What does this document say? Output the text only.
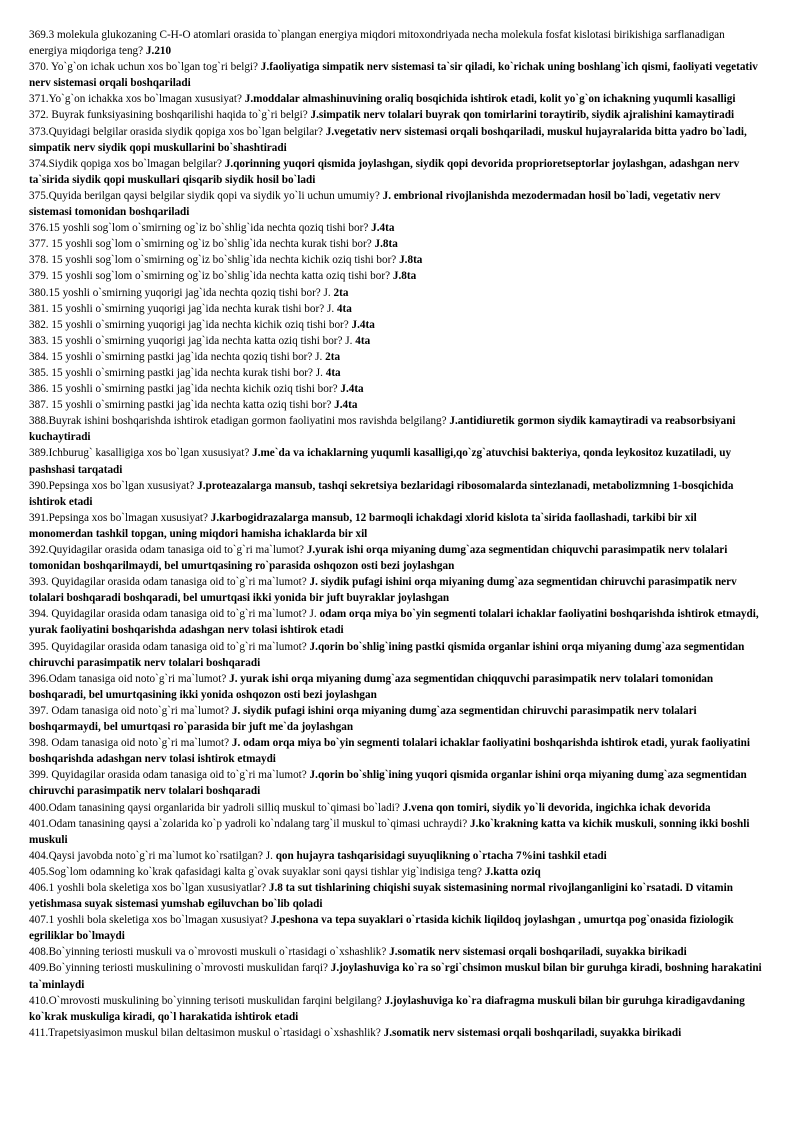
369.3 molekula glukozaning C-H-O atomlari orasida to`plangan energiya miqdori mitoxondriyada necha molekula fosfat kislotasi birikishiga sarflanadigan energiya miqdoriga teng? J.210

370. Yo`g`on ichak uchun xos bo`lgan tog`ri belgi? J.faoliyatiga simpatik nerv sistemasi ta`sir qiladi, ko`richak uning boshlang`ich qismi, faoliyati vegetativ nerv sistemasi orqali boshqariladi

371.Yo`g`on ichakka xos bo`lmagan xususiyat? J.moddalar almashinuvining oraliq bosqichida ishtirok etadi, kolit yo`g`on ichakning yuqumli kasalligi

372. Buyrak funksiyasining boshqarilishi haqida to`g`ri belgi? J.simpatik nerv tolalari buyrak qon tomirlarini toraytirib, siydik ajralishini kamaytiradi

373.Quyidagi belgilar orasida siydik qopiga xos bo`lgan belgilar? J.vegetativ nerv sistemasi orqali boshqariladi, muskul hujayralarida bitta yadro bo`ladi, simpatik nerv siydik qopi muskullarini bo`shashtiradi

374.Siydik qopiga xos bo`lmagan belgilar? J.qorinning yuqori qismida joylashgan, siydik qopi devorida proprioretseptorlar joylashgan, adashgan nerv ta`sirida siydik qopi muskullari qisqarib siydik hosil bo`ladi

375.Quyida berilgan qaysi belgilar siydik qopi va siydik yo`li uchun umumiy? J. embrional rivojlanishda mezodermadan hosil bo`ladi, vegetativ nerv sistemasi tomonidan boshqariladi

376.15 yoshli sog`lom o`smirning og`iz bo`shlig`ida nechta qoziq tishi bor? J.4ta

377. 15 yoshli sog`lom o`smirning og`iz bo`shlig`ida nechta kurak tishi bor? J.8ta

378. 15 yoshli sog`lom o`smirning og`iz bo`shlig`ida nechta kichik oziq tishi bor? J.8ta

379. 15 yoshli sog`lom o`smirning og`iz bo`shlig`ida nechta katta oziq tishi bor? J.8ta

380.15 yoshli o`smirning yuqorigi jag`ida nechta qoziq tishi bor? J. 2ta

381. 15 yoshli o`smirning yuqorigi jag`ida nechta kurak tishi bor? J. 4ta

382. 15 yoshli o`smirning yuqorigi jag`ida nechta kichik oziq tishi bor? J.4ta

383. 15 yoshli o`smirning yuqorigi jag`ida nechta katta oziq tishi bor? J. 4ta

384. 15 yoshli o`smirning pastki jag`ida nechta qoziq tishi bor? J. 2ta

385. 15 yoshli o`smirning pastki jag`ida nechta kurak tishi bor? J. 4ta

386. 15 yoshli o`smirning pastki jag`ida nechta kichik oziq tishi bor? J.4ta

387. 15 yoshli o`smirning pastki jag`ida nechta katta oziq tishi bor? J.4ta

388.Buyrak ishini boshqarishda ishtirok etadigan gormon faoliyatini mos ravishda belgilang? J.antidiuretik gormon siydik kamaytiradi va reabsorbsiyani kuchaytiradi

389.Ichburug` kasalligiga xos bo`lgan xususiyat? J.me`da va ichaklarning yuqumli kasalligi,qo`zg`atuvchisi bakteriya, qonda leykositoz kuzatiladi, uy pashshasi tarqatadi

390.Pepsinga xos bo`lgan xususiyat? J.proteazalarga mansub, tashqi sekretsiya bezlaridagi ribosomalarda sintezlanadi, metabolizmning 1-bosqichida ishtirok etadi

391.Pepsinga xos bo`lmagan xususiyat? J.karbogidrazalarga mansub, 12 barmoqli ichakdagi xlorid kislota ta`sirida faollashadi, tarkibi bir xil monomerdan tashkil topgan, uning miqdori hamisha ichaklarda bir xil

392.Quyidagilar orasida odam tanasiga oid to`g`ri ma`lumot? J.yurak ishi orqa miyaning dumg`aza segmentidan chiquvchi parasimpatik nerv tolalari tomonidan boshqarilmaydi, bel umurtqasining ro`parasida oshqozon osti bezi joylashgan

393. Quyidagilar orasida odam tanasiga oid to`g`ri ma`lumot? J. siydik pufagi ishini orqa miyaning dumg`aza segmentidan chiruvchi parasimpatik nerv tolalari boshqaradi boshqaradi, bel umurtqasi ikki yonida bir juft buyraklar joylashgan

394. Quyidagilar orasida odam tanasiga oid to`g`ri ma`lumot? J. odam orqa miya bo`yin segmenti tolalari ichaklar faoliyatini boshqarishda ishtirok etmaydi, yurak faoliyatini boshqarishda adashgan nerv tolasi ishtirok etadi

395. Quyidagilar orasida odam tanasiga oid to`g`ri ma`lumot? J.qorin bo`shlig`ining pastki qismida organlar ishini orqa miyaning dumg`aza segmentidan chiruvchi parasimpatik nerv tolalari boshqaradi

396.Odam tanasiga oid noto`g`ri ma`lumot? J. yurak ishi orqa miyaning dumg`aza segmentidan chiqquvchi parasimpatik nerv tolalari tomonidan boshqaradi, bel umurtqasining ikki yonida oshqozon osti bezi joylashgan

397. Odam tanasiga oid noto`g`ri ma`lumot? J. siydik pufagi ishini orqa miyaning dumg`aza segmentidan chiruvchi parasimpatik nerv tolalari boshqarmaydi, bel umurtqasi ro`parasida bir juft me`da joylashgan

398. Odam tanasiga oid noto`g`ri ma`lumot? J. odam orqa miya bo`yin segmenti tolalari ichaklar faoliyatini boshqarishda ishtirok etadi, yurak faoliyatini boshqarishda adashgan nerv tolasi ishtirok etmaydi

399. Quyidagilar orasida odam tanasiga oid to`g`ri ma`lumot? J.qorin bo`shlig`ining yuqori qismida organlar ishini orqa miyaning dumg`aza segmentidan chiruvchi parasimpatik nerv tolalari boshqaradi

400.Odam tanasining qaysi organlarida bir yadroli silliq muskul to`qimasi bo`ladi? J.vena qon tomiri, siydik yo`li devorida, ingichka ichak devorida

401.Odam tanasining qaysi a`zolarida ko`p yadroli ko`ndalang targ`il muskul to`qimasi uchraydi? J.ko`krakning katta va kichik muskuli, sonning ikki boshli muskuli

404.Qaysi javobda noto`g`ri ma`lumot ko`rsatilgan? J. qon hujayra tashqarisidagi suyuqlikning o`rtacha 7%ini tashkil etadi

405.Sog`lom odamning ko`krak qafasidagi kalta g`ovak suyaklar soni qaysi tishlar yig`indisiga teng? J.katta oziq

406.1 yoshli bola skeletiga xos bo`lgan xususiyatlar? J.8 ta sut tishlarining chiqishi suyak sistemasining normal rivojlanganligini ko`rsatadi. D vitamin yetishmasa suyak sistemasi yumshab egiluvchan bo`lib qoladi

407.1 yoshli bola skeletiga xos bo`lmagan xususiyat? J.peshona va tepa suyaklari o`rtasida kichik liqildoq joylashgan , umurtqa pog`onasida fiziologik egriliklar bo`lmaydi

408.Bo`yinning teriosti muskuli va o`mrovosti muskuli o`rtasidagi o`xshashlik? J.somatik nerv sistemasi orqali boshqariladi, suyakka birikadi

409.Bo`yinning teriosti muskulining o`mrovosti muskulidan farqi? J.joylashuviga ko`ra so`rgi`chsimon muskul bilan bir guruhga kiradi, boshning harakatini ta`minlaydi

410.O`mrovosti muskulining bo`yinning terisoti muskulidan farqini belgilang? J.joylashuviga ko`ra diafragma muskuli bilan bir guruhga kiradigavdaning ko`krak muskuliga kiradi, qo`l harakatida ishtirok etadi

411.Trapetsiyasimon muskul bilan deltasimon muskul o`rtasidagi o`xshashlik? J.somatik nerv sistemasi orqali boshqariladi, suyakka birikadi
